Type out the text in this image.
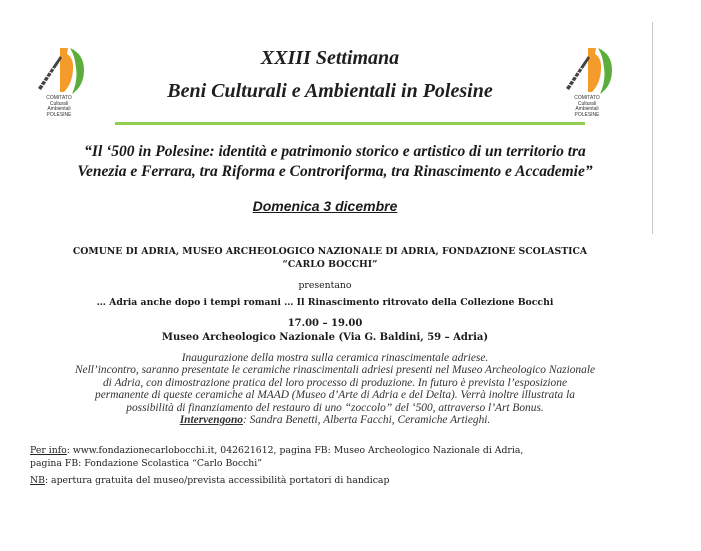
COMITATO
Culturali
Ambientali
POLESINE
COMITATO
Culturali
Ambientali
POLESINE
XXIII Settimana
Beni Culturali e Ambientali in Polesine

“Il ‘500 in Polesine: identità e patrimonio storico e artistico di un territorio tra
Venezia e Ferrara, tra Riforma e Controriforma, tra Rinascimento e Accademie”

Domenica 3 dicembre

COMUNE DI ADRIA, MUSEO ARCHEOLOGICO NAZIONALE DI ADRIA, FONDAZIONE SCOLASTICA
“CARLO BOCCHI”

presentano

… Adria anche dopo i tempi romani … Il Rinascimento ritrovato della Collezione Bocchi

17.00 – 19.00

Museo Archeologico Nazionale (Via G. Baldini, 59 – Adria)

Inaugurazione della mostra sulla ceramica rinascimentale adriese.
Nell’incontro, saranno presentate le ceramiche rinascimentali adriesi presenti nel Museo Archeologico Nazionale
di Adria, con dimostrazione pratica del loro processo di produzione. In futuro è prevista l’esposizione
permanente di queste ceramiche al MAAD (Museo d’Arte di Adria e del Delta). Verrà inoltre illustrata la
possibilità di finanziamento del restauro di uno “zoccolo” del ‘500, attraverso l’Art Bonus.
Intervengono: Sandra Benetti, Alberta Facchi, Ceramiche Artieghi.

Per info: www.fondazionecarlobocchi.it, 042621612, pagina FB: Museo Archeologico Nazionale di Adria,
pagina FB: Fondazione Scolastica “Carlo Bocchi”

NB: apertura gratuita del museo/prevista accessibilità portatori di handicap
